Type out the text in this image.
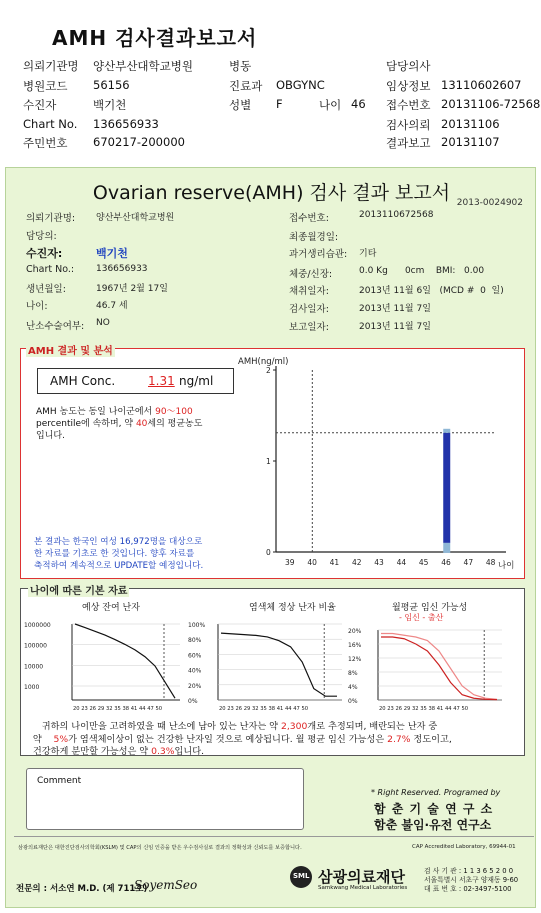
AMH 검사결과보고서
의뢰기관명 양산부산대학교병원	병동	담당의사
병원코드 56156	진료과 OBGYNC	임상정보 13110602607
수진자	백기천	성별 F	나이 46 접수번호 20131106-72568
Chart No. 136656933	검사의뢰 20131106
주민번호 670217-200000	결과보고 20131107
Ovarian reserve(AMH) 검사 결과 보고서 2013-0024902
AMH 결과 및 분석
AMH Conc.	1.31 ng/ml
AMH 농도는 동일 나이군에서 90～100
percentile에 속하며, 약 40세의 평균농도
입니다.
본 결과는 한국인 여성 16,972명을 대상으로
한 자료를 기초로 한 것입니다. 향후 자료를
축적하여 계속적으로 UPDATE할 예정입니다.
AMH(ng/ml)
0
1
2
39 40 41 42 43 44 45 46 47 48 나이
나이에 따른 기본 자료
예상 잔여 난자	염색체 정상 난자 비율	월평균 임신 가능성
- 임신 - 출산
1000000
100000
10000
1000
20 23 26 29 32 35 38 41 44 47 50
100%
80%
60%
40%
20%
0%
20 23 26 29 32 35 38 41 44 47 50
20%
16%
12%
8%
4%
0%
20 23 26 29 32 35 38 41 44 47 50
귀하의 나이만을 고려하였을 때 난소에 남아 있는 난자는 약 2,300개로 추정되며, 배란되는 난자 중
약 5%가 염색체이상이 없는 건강한 난자일 것으로 예상됩니다. 월 평균 임신 가능성은 2.7% 정도이고,
건강하게 분만할 가능성은 약 0.3%입니다.
Comment
* Right Reserved. Programed by
함 춘 기 술 연 구 소
함춘 불임·유전 연구소
삼광의료재단은 대한진단검사의학회(KSLM) 및 CAP의 신임 인증을 받은 우수검사실로 결과의 정확성과 신뢰도를 보증합니다.	CAP Accredited Laboratory, 69944-01
전문의 : 서소연 M.D. (제 711호)
SoyemSeo
SML 삼광의료재단
Samkwang Medical Laboratories
검 사 기 관 : 1 1 3 6 5 2 0 0
서울특별시 서초구 양재동 9-60
대 표 번 호 : 02-3497-5100
의뢰기관명: 양산부산대학교병원
담당의:
수진자:	백기천
Chart No.: 136656933
생년월일:	1967년 2월 17일
나이:	46.7 세
난소수술여부: NO
접수번호:	2013110672568
최종월경일:
과거생리습관: 기타
체중/신장:	0.0 Kg      0cm    BMI:   0.00
채취일자:	2013년 11월 6일   (MCD #  0  일)
검사일자:	2013년 11월 7일
보고일자:	2013년 11월 7일
